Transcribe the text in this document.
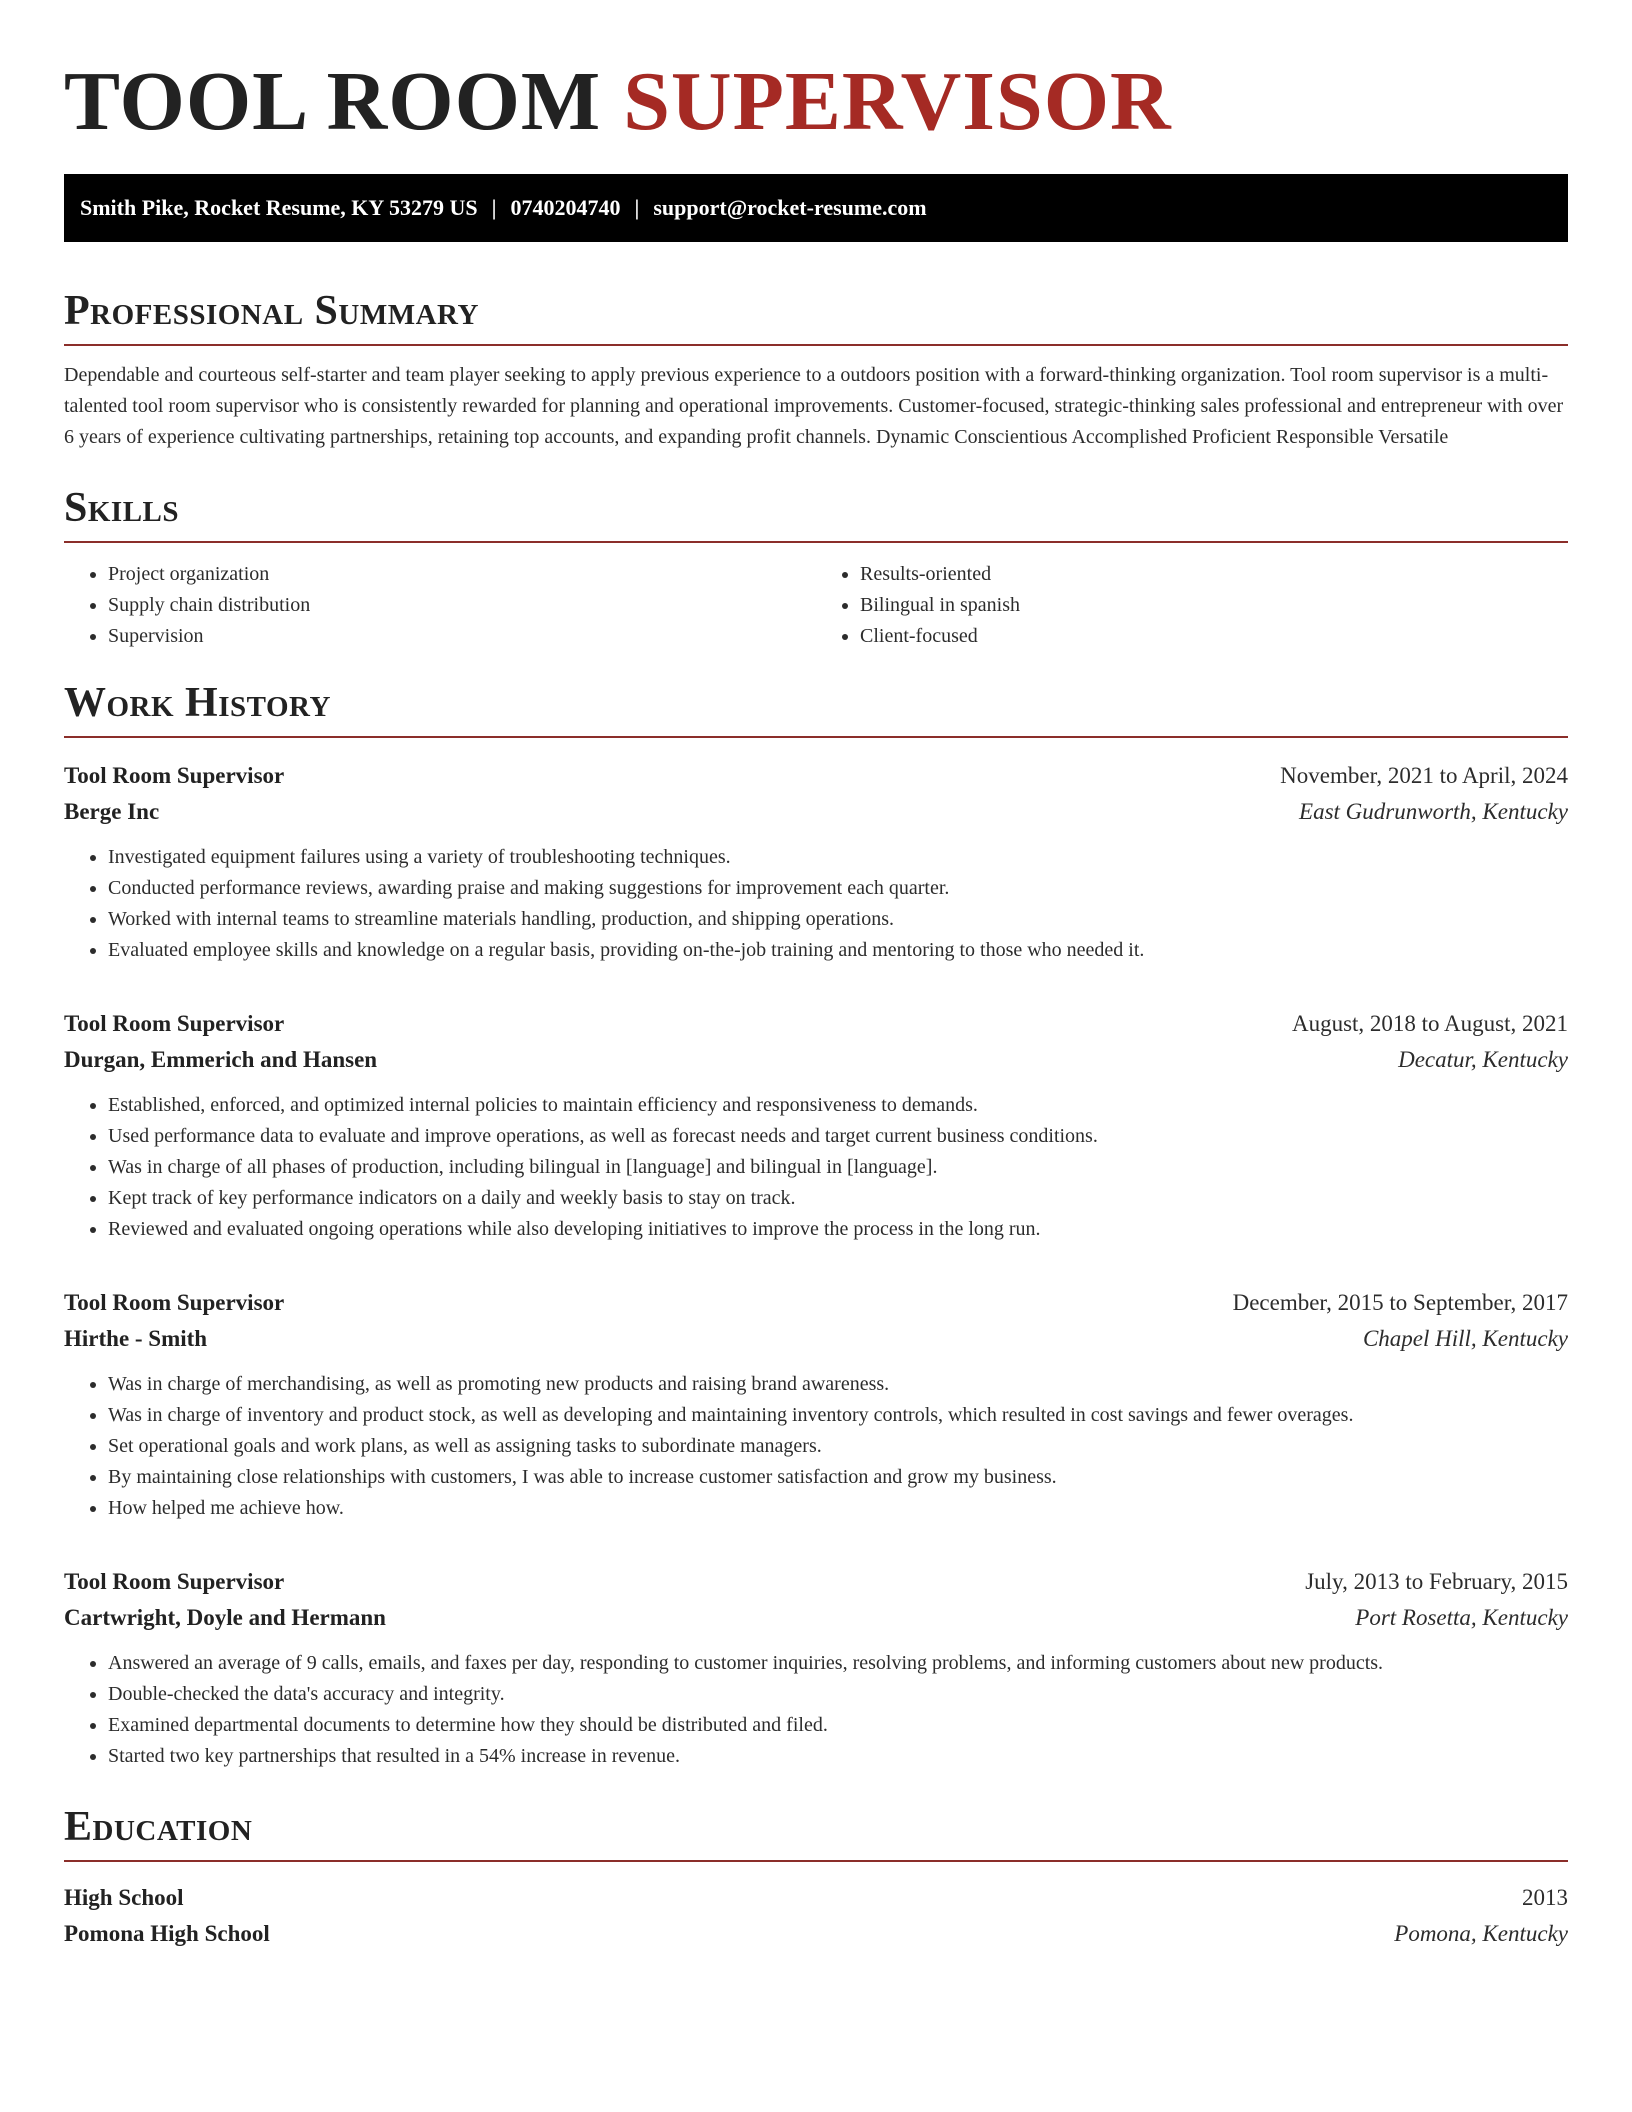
TOOL ROOM SUPERVISOR
Smith Pike, Rocket Resume, KY 53279 US | 0740204740 | support@rocket-resume.com
Professional Summary
Dependable and courteous self-starter and team player seeking to apply previous experience to a outdoors position with a forward-thinking organization. Tool room supervisor is a multi-talented tool room supervisor who is consistently rewarded for planning and operational improvements. Customer-focused, strategic-thinking sales professional and entrepreneur with over 6 years of experience cultivating partnerships, retaining top accounts, and expanding profit channels. Dynamic Conscientious Accomplished Proficient Responsible Versatile
Skills
• Project organization
• Supply chain distribution
• Supervision
• Results-oriented
• Bilingual in spanish
• Client-focused
Work History
Tool Room Supervisor	November, 2021 to April, 2024
Berge Inc	East Gudrunworth, Kentucky
• Investigated equipment failures using a variety of troubleshooting techniques.
• Conducted performance reviews, awarding praise and making suggestions for improvement each quarter.
• Worked with internal teams to streamline materials handling, production, and shipping operations.
• Evaluated employee skills and knowledge on a regular basis, providing on-the-job training and mentoring to those who needed it.
Tool Room Supervisor	August, 2018 to August, 2021
Durgan, Emmerich and Hansen	Decatur, Kentucky
• Established, enforced, and optimized internal policies to maintain efficiency and responsiveness to demands.
• Used performance data to evaluate and improve operations, as well as forecast needs and target current business conditions.
• Was in charge of all phases of production, including bilingual in [language] and bilingual in [language].
• Kept track of key performance indicators on a daily and weekly basis to stay on track.
• Reviewed and evaluated ongoing operations while also developing initiatives to improve the process in the long run.
Tool Room Supervisor	December, 2015 to September, 2017
Hirthe - Smith	Chapel Hill, Kentucky
• Was in charge of merchandising, as well as promoting new products and raising brand awareness.
• Was in charge of inventory and product stock, as well as developing and maintaining inventory controls, which resulted in cost savings and fewer overages.
• Set operational goals and work plans, as well as assigning tasks to subordinate managers.
• By maintaining close relationships with customers, I was able to increase customer satisfaction and grow my business.
• How helped me achieve how.
Tool Room Supervisor	July, 2013 to February, 2015
Cartwright, Doyle and Hermann	Port Rosetta, Kentucky
• Answered an average of 9 calls, emails, and faxes per day, responding to customer inquiries, resolving problems, and informing customers about new products.
• Double-checked the data's accuracy and integrity.
• Examined departmental documents to determine how they should be distributed and filed.
• Started two key partnerships that resulted in a 54% increase in revenue.
Education
High School	2013
Pomona High School	Pomona, Kentucky
